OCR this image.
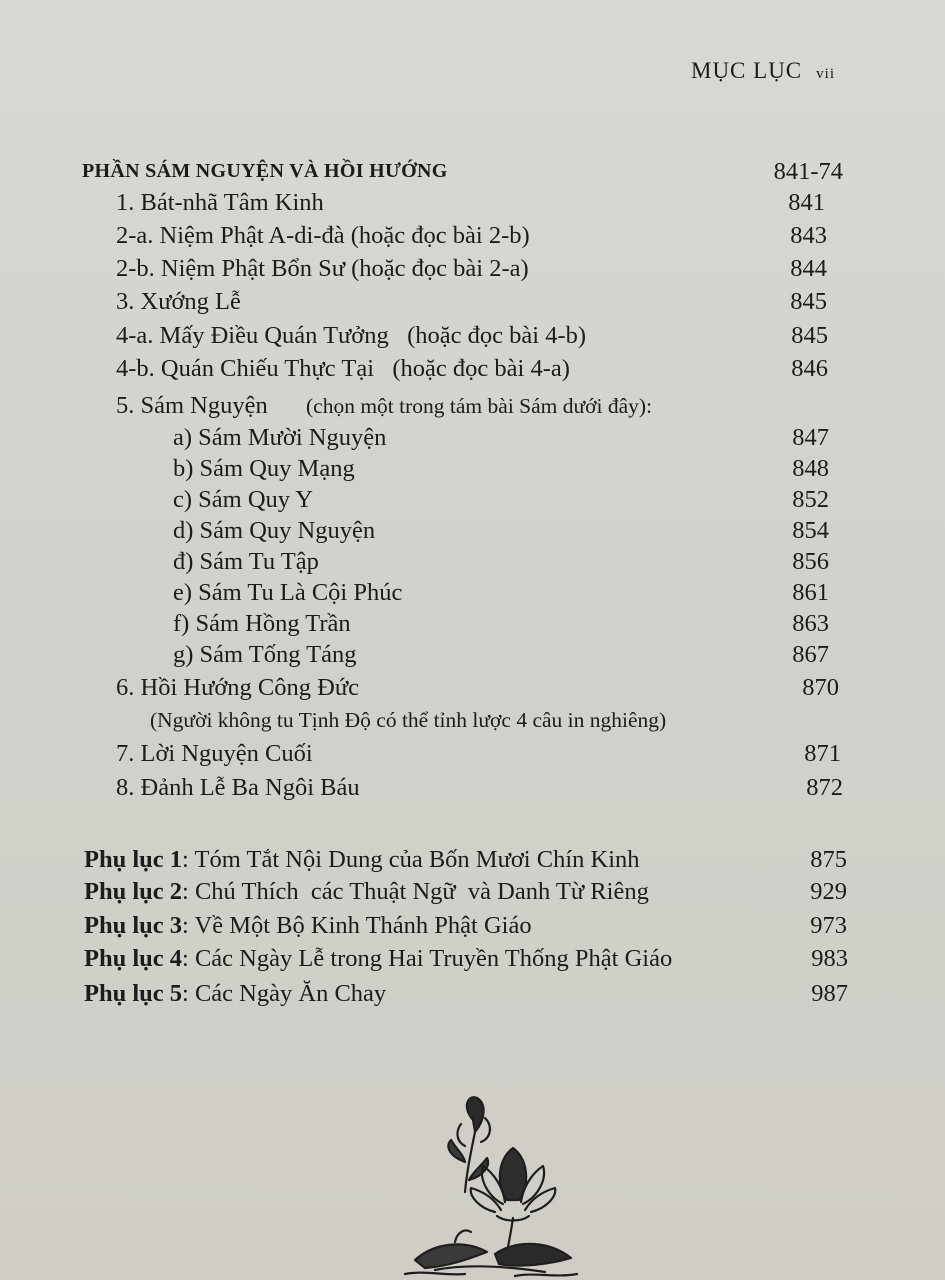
MỤC LỤC vii
PHẦN SÁM NGUYỆN VÀ HỒI HƯỚNG	841-74
1. Bát-nhã Tâm Kinh	841
2-a. Niệm Phật A-di-đà (hoặc đọc bài 2-b)	843
2-b. Niệm Phật Bổn Sư (hoặc đọc bài 2-a)	844
3. Xướng Lễ	845
4-a. Mấy Điều Quán Tưởng   (hoặc đọc bài 4-b)	845
4-b. Quán Chiếu Thực Tại   (hoặc đọc bài 4-a)	846
5. Sám Nguyện (chọn một trong tám bài Sám dưới đây):
a) Sám Mười Nguyện	847
b) Sám Quy Mạng	848
c) Sám Quy Y	852
d) Sám Quy Nguyện	854
đ) Sám Tu Tập	856
e) Sám Tu Là Cội Phúc	861
f) Sám Hồng Trần	863
g) Sám Tống Táng	867
6. Hồi Hướng Công Đức	870
(Người không tu Tịnh Độ có thể tỉnh lược 4 câu in nghiêng)
7. Lời Nguyện Cuối	871
8. Đảnh Lễ Ba Ngôi Báu	872
Phụ lục 1: Tóm Tắt Nội Dung của Bốn Mươi Chín Kinh	875
Phụ lục 2: Chú Thích  các Thuật Ngữ  và Danh Từ Riêng	929
Phụ lục 3: Về Một Bộ Kinh Thánh Phật Giáo	973
Phụ lục 4: Các Ngày Lễ trong Hai Truyền Thống Phật Giáo	983
Phụ lục 5: Các Ngày Ăn Chay	987
